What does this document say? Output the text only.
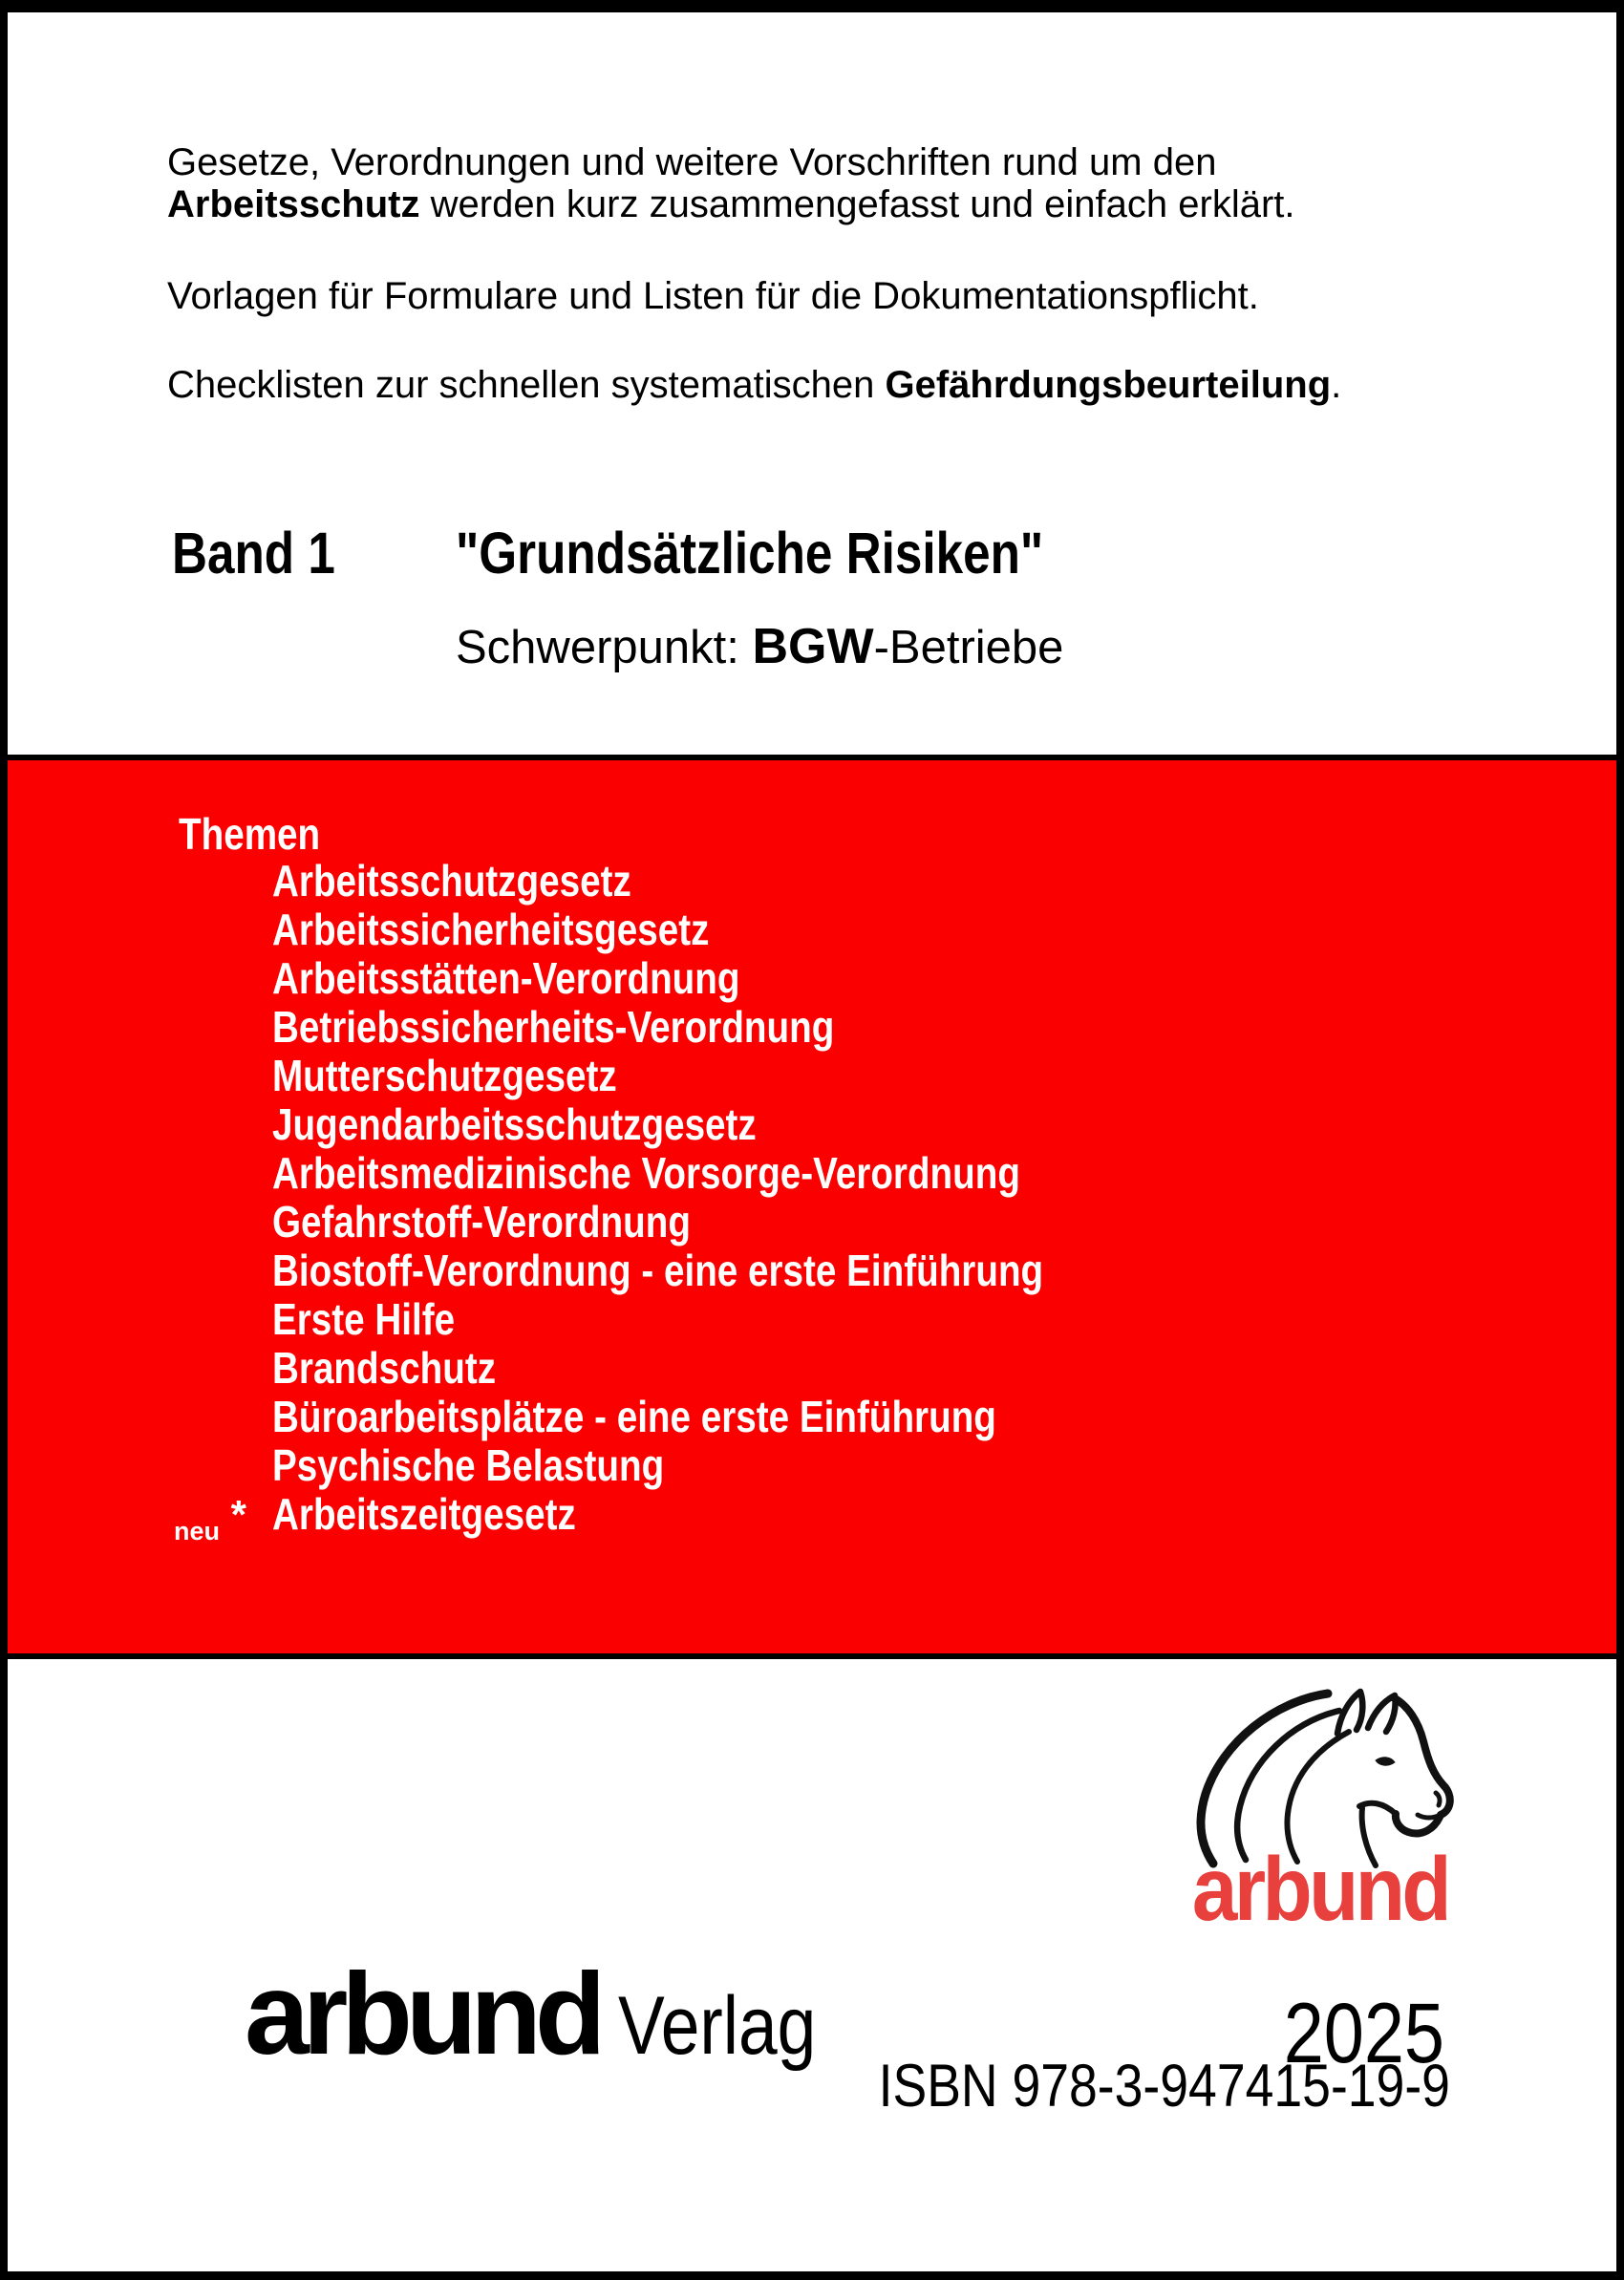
Gesetze, Verordnungen und weitere Vorschriften rund um den
Arbeitsschutz werden kurz zusammengefasst und einfach erklärt.
Vorlagen für Formulare und Listen für die Dokumentationspflicht.
Checklisten zur schnellen systematischen Gefährdungsbeurteilung.
Band 1 "Grundsätzliche Risiken"
Schwerpunkt: BGW-Betriebe
Themen
Arbeitsschutzgesetz
Arbeitssicherheitsgesetz
Arbeitsstätten-Verordnung
Betriebssicherheits-Verordnung
Mutterschutzgesetz
Jugendarbeitsschutzgesetz
Arbeitsmedizinische Vorsorge-Verordnung
Gefahrstoff-Verordnung
Biostoff-Verordnung - eine erste Einführung
Erste Hilfe
Brandschutz
Büroarbeitsplätze - eine erste Einführung
Psychische Belastung
neu * Arbeitszeitgesetz
arbund
arbund Verlag	2025
ISBN 978-3-947415-19-9
